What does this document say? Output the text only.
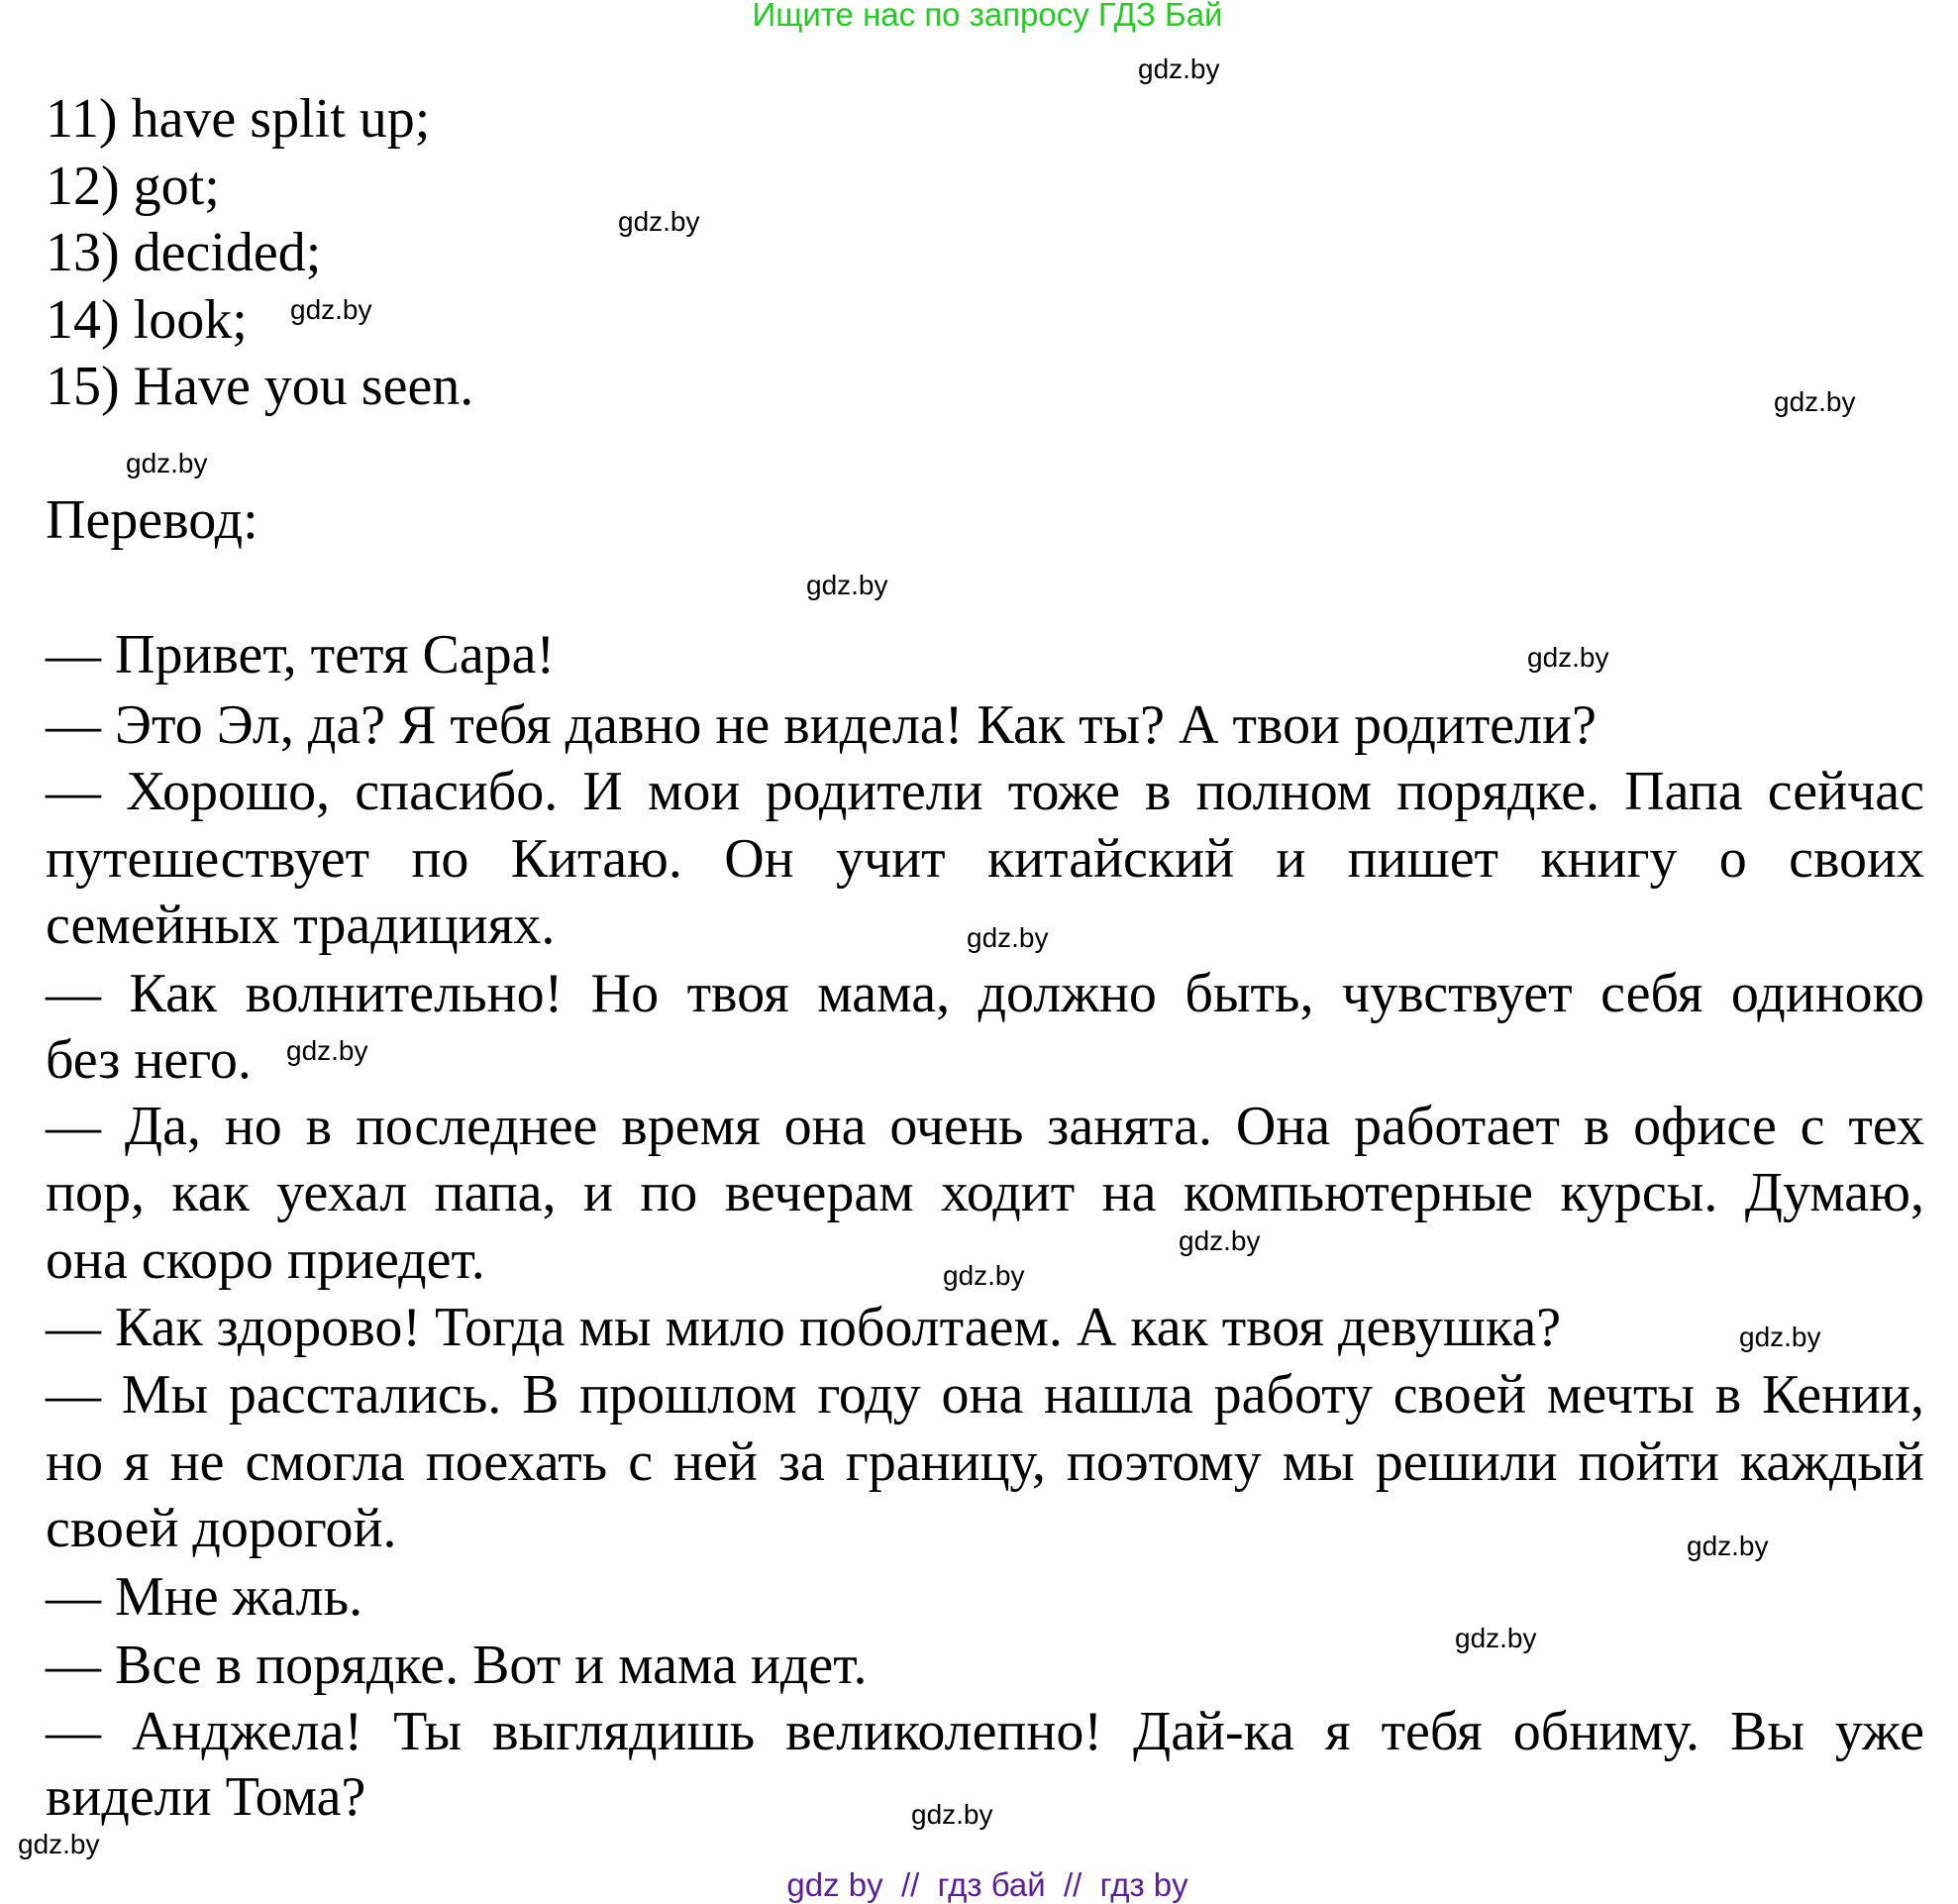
Ищите нас по запросу ГДЗ Бай
11) have split up;
12) got;
13) decided;
14) look;
15) Have you seen.
Перевод:
— Привет, тетя Сара!
— Это Эл, да? Я тебя давно не видела! Как ты? А твои родители?
— Хорошо, спасибо. И мои родители тоже в полном порядке. Папа сейчас
путешествует по Китаю. Он учит китайский и пишет книгу о своих
семейных традициях.
— Как волнительно! Но твоя мама, должно быть, чувствует себя одиноко
без него.
— Да, но в последнее время она очень занята. Она работает в офисе с тех
пор, как уехал папа, и по вечерам ходит на компьютерные курсы. Думаю,
она скоро приедет.
— Как здорово! Тогда мы мило поболтаем. А как твоя девушка?
— Мы расстались. В прошлом году она нашла работу своей мечты в Кении,
но я не смогла поехать с ней за границу, поэтому мы решили пойти каждый
своей дорогой.
— Мне жаль.
— Все в порядке. Вот и мама идет.
— Анджела! Ты выглядишь великолепно! Дай-ка я тебя обниму. Вы уже
видели Тома?
gdz.by
gdz.by
gdz.by
gdz.by
gdz.by
gdz.by
gdz.by
gdz.by
gdz.by
gdz.by
gdz.by
gdz.by
gdz.by
gdz.by
gdz.by
gdz.by
gdz by  //  гдз бай  //  гдз by
